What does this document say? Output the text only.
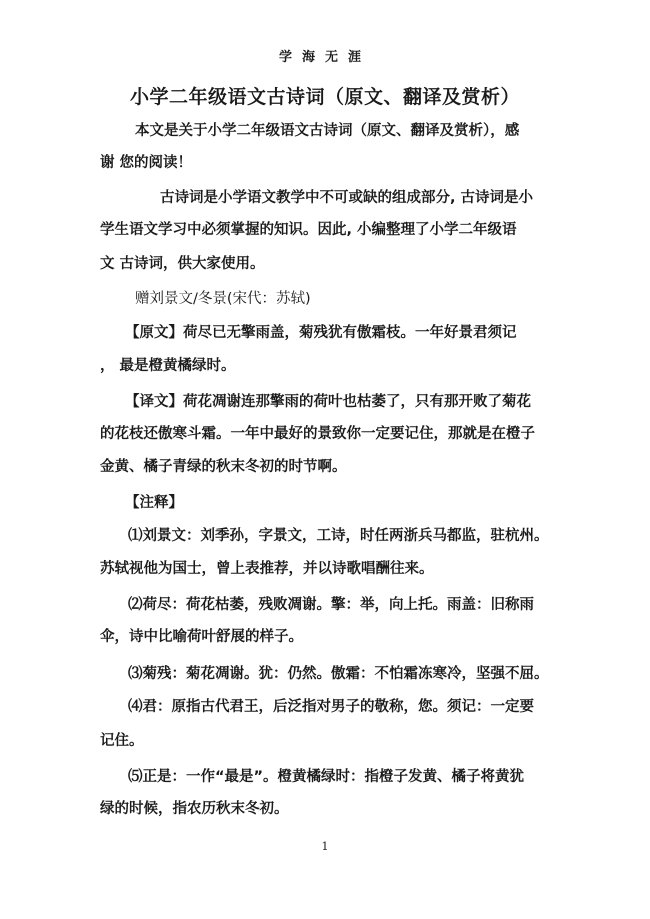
学海无涯
小学二年级语文古诗词（原文、翻译及赏析）
本文是关于小学二年级语文古诗词（原文、翻译及赏析），感
谢 您的阅读！
古诗词是小学语文教学中不可或缺的组成部分, 古诗词是小
学生语文学习中必须掌握的知识。因此, 小编整理了小学二年级语
文 古诗词，供大家使用。
赠刘景文/冬景(宋代：苏轼)
【原文】荷尽已无擎雨盖，菊残犹有傲霜枝。一年好景君须记
， 最是橙黄橘绿时。
【译文】荷花凋谢连那擎雨的荷叶也枯萎了，只有那开败了菊花
的花枝还傲寒斗霜。一年中最好的景致你一定要记住，那就是在橙子
金黄、橘子青绿的秋末冬初的时节啊。
【注释】
⑴刘景文：刘季孙，字景文，工诗，时任两浙兵马都监，驻杭州。
苏轼视他为国士，曾上表推荐，并以诗歌唱酬往来。
⑵荷尽：荷花枯萎，残败凋谢。擎：举，向上托。雨盖：旧称雨
伞，诗中比喻荷叶舒展的样子。
⑶菊残：菊花凋谢。犹：仍然。傲霜：不怕霜冻寒冷，坚强不屈。
⑷君：原指古代君王，后泛指对男子的敬称，您。须记：一定要
记住。
⑸正是：一作“最是”。橙黄橘绿时：指橙子发黄、橘子将黄犹
绿的时候，指农历秋末冬初。
1
